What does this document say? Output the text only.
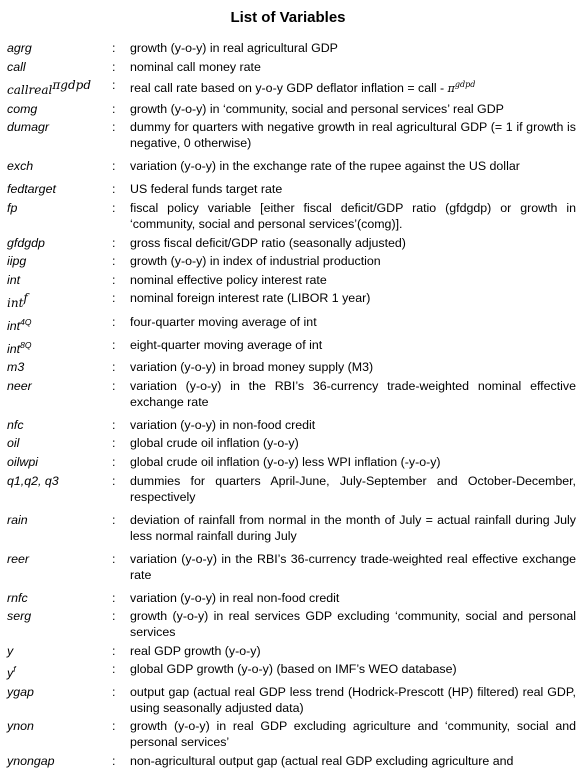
List of Variables
agrg	:	growth (y-o-y) in real agricultural GDP
call	:	nominal call money rate
callrealπgdpd	:	real call rate based on y-o-y GDP deflator inflation = call - $\pi^{gdpd}$
comg	:	growth (y-o-y) in ‘community, social and personal services’ real GDP
dumagr	:	dummy for quarters with negative growth in real agricultural GDP (= 1 if growth is negative, 0 otherwise)
exch	:	variation (y-o-y) in the exchange rate of the rupee against the US dollar
fedtarget	:	US federal funds target rate
fp	:	fiscal policy variable [either fiscal deficit/GDP ratio (gfdgdp) or growth in ‘community, social and personal services’(comg)].
gfdgdp	:	gross fiscal deficit/GDP ratio (seasonally adjusted)
iipg	:	growth (y-o-y) in index of industrial production
int	:	nominal effective policy interest rate
intf	:	nominal foreign interest rate (LIBOR 1 year)
int$^{4Q}$	:	four-quarter moving average of int
int$^{8Q}$	:	eight-quarter moving average of int
m3	:	variation (y-o-y) in broad money supply (M3)
neer	:	variation (y-o-y) in the RBI’s 36-currency trade-weighted nominal effective exchange rate
nfc	:	variation (y-o-y) in non-food credit
oil	:	global crude oil inflation (y-o-y)
oilwpi	:	global crude oil inflation (y-o-y) less WPI inflation (-y-o-y)
q1,q2, q3	:	dummies for quarters April-June, July-September and October-December, respectively
rain	:	deviation of rainfall from normal in the month of July = actual rainfall during July less normal rainfall during July
reer	:	variation (y-o-y) in the RBI’s 36-currency trade-weighted real effective exchange rate
rnfc	:	variation (y-o-y) in real non-food credit
serg	:	growth (y-o-y) in real services GDP excluding ‘community, social and personal services
y	:	real GDP growth (y-o-y)
$y^f$	:	global GDP growth (y-o-y) (based on IMF’s WEO database)
ygap	:	output gap (actual real GDP less trend (Hodrick-Prescott (HP) filtered) real GDP, using seasonally adjusted data)
ynon	:	growth (y-o-y) in real GDP excluding agriculture and ‘community, social and personal services’
ynongap	:	non-agricultural output gap (actual real GDP excluding agriculture and
